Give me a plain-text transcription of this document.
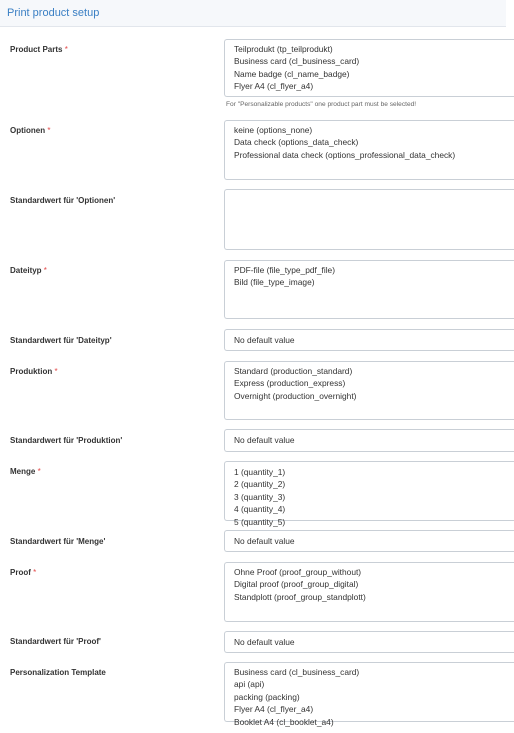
Print product setup
Product Parts *	Teilprodukt (tp_teilprodukt)
Business card (cl_business_card)
Name badge (cl_name_badge)
Flyer A4 (cl_flyer_a4)
For "Personalizable products" one product part must be selected!
Optionen *	keine (options_none)
Data check (options_data_check)
Professional data check (options_professional_data_check)
Standardwert für 'Optionen'
Dateityp *	PDF-file (file_type_pdf_file)
Bild (file_type_image)
Standardwert für 'Dateityp'	No default value
Produktion *	Standard (production_standard)
Express (production_express)
Overnight (production_overnight)
Standardwert für 'Produktion'	No default value
Menge *	1 (quantity_1)
2 (quantity_2)
3 (quantity_3)
4 (quantity_4)
5 (quantity_5)
Standardwert für 'Menge'	No default value
Proof *	Ohne Proof (proof_group_without)
Digital proof (proof_group_digital)
Standplott (proof_group_standplott)
Standardwert für 'Proof'	No default value
Personalization Template	Business card (cl_business_card)
api (api)
packing (packing)
Flyer A4 (cl_flyer_a4)
Booklet A4 (cl_booklet_a4)
